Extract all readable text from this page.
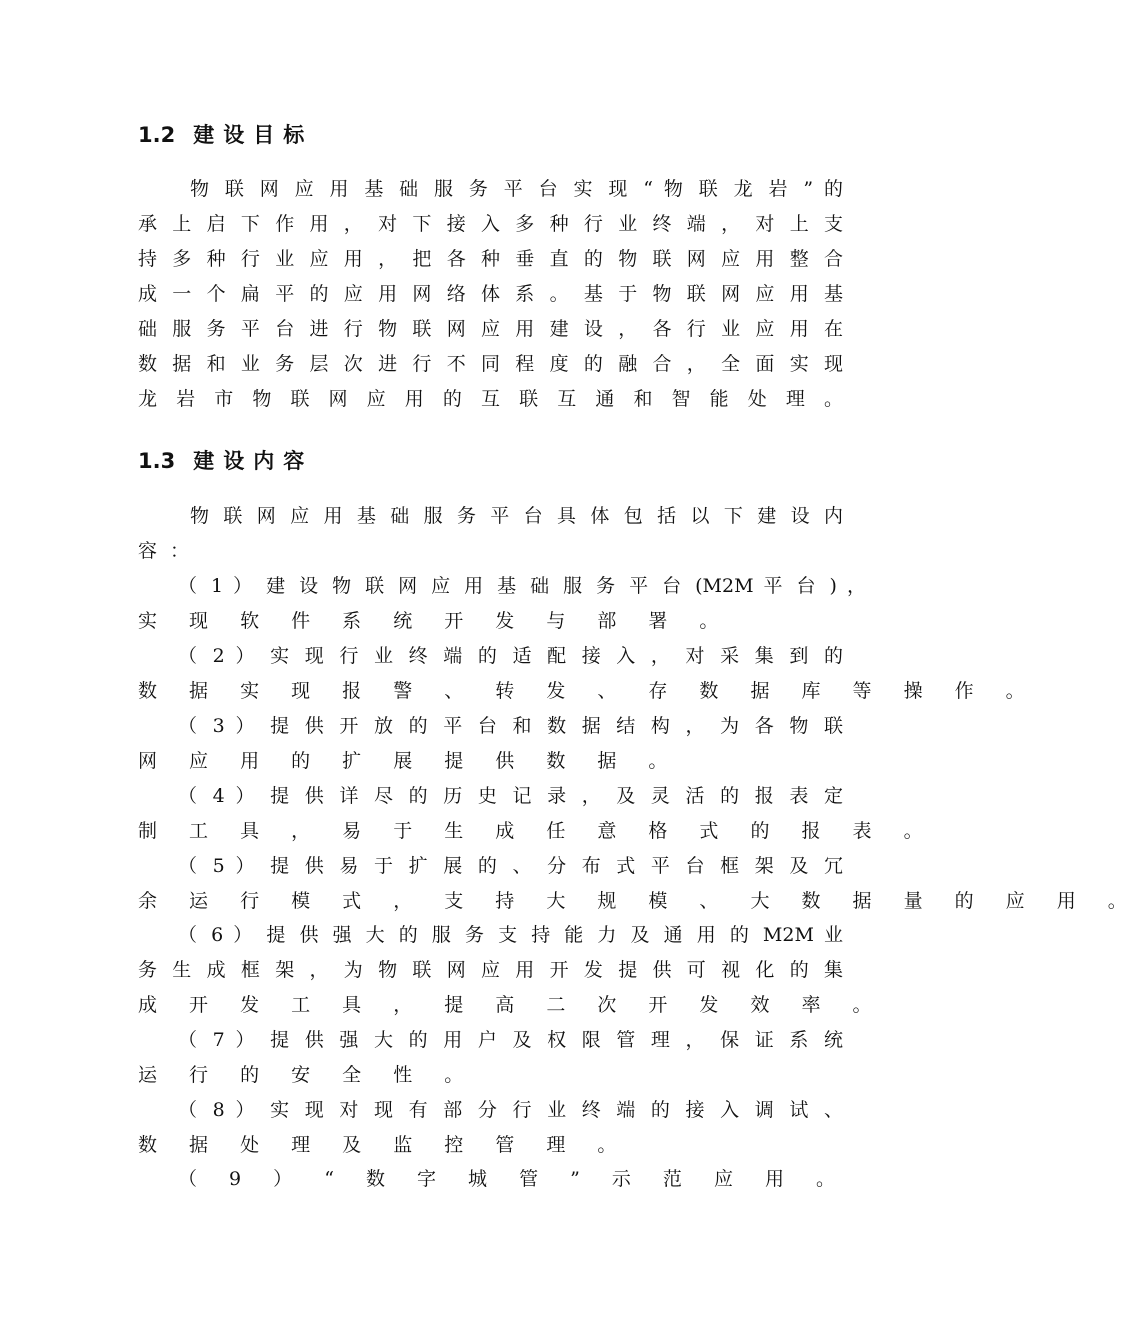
1.2 建设目标

物 联 网 应 用 基 础 服 务 平 台 实 现 “ 物 联 龙 岩 ” 的

承 上 启 下 作 用 ， 对 下 接 入 多 种 行 业 终 端 ， 对 上 支

持 多 种 行 业 应 用 ， 把 各 种 垂 直 的 物 联 网 应 用 整 合

成 一 个 扁 平 的 应 用 网 络 体 系 。 基 于 物 联 网 应 用 基

础 服 务 平 台 进 行 物 联 网 应 用 建 设 ， 各 行 业 应 用 在

数 据 和 业 务 层 次 进 行 不 同 程 度 的 融 合 ， 全 面 实 现

龙 岩 市 物 联 网 应 用 的 互 联 互 通 和 智 能 处 理 。

1.3 建设内容

物 联 网 应 用 基 础 服 务 平 台 具 体 包 括 以 下 建 设 内

容：

（ 1 ） 建 设 物 联 网 应 用 基 础 服 务 平 台 (M2M 平 台 ) ，

实 现 软 件 系 统 开 发 与 部 署 。

（ 2 ） 实 现 行 业 终 端 的 适 配 接 入 ， 对 采 集 到 的

数 据 实 现 报 警 、 转 发 、 存 数 据 库 等 操 作 。

（ 3 ） 提 供 开 放 的 平 台 和 数 据 结 构 ， 为 各 物 联

网 应 用 的 扩 展 提 供 数 据 。

（ 4 ） 提 供 详 尽 的 历 史 记 录 ， 及 灵 活 的 报 表 定

制 工 具 ， 易 于 生 成 任 意 格 式 的 报 表 。

（ 5 ） 提 供 易 于 扩 展 的 、 分 布 式 平 台 框 架 及 冗

余 运 行 模 式 ， 支 持 大 规 模 、 大 数 据 量 的 应 用 。

（ 6 ） 提 供 强 大 的 服 务 支 持 能 力 及 通 用 的 M2M 业

务 生 成 框 架 ， 为 物 联 网 应 用 开 发 提 供 可 视 化 的 集

成 开 发 工 具 ， 提 高 二 次 开 发 效 率 。

（ 7 ） 提 供 强 大 的 用 户 及 权 限 管 理 ， 保 证 系 统

运 行 的 安 全 性 。

（ 8 ） 实 现 对 现 有 部 分 行 业 终 端 的 接 入 调 试 、

数 据 处 理 及 监 控 管 理 。

（ 9 ） “ 数 字 城 管 ” 示 范 应 用 。
